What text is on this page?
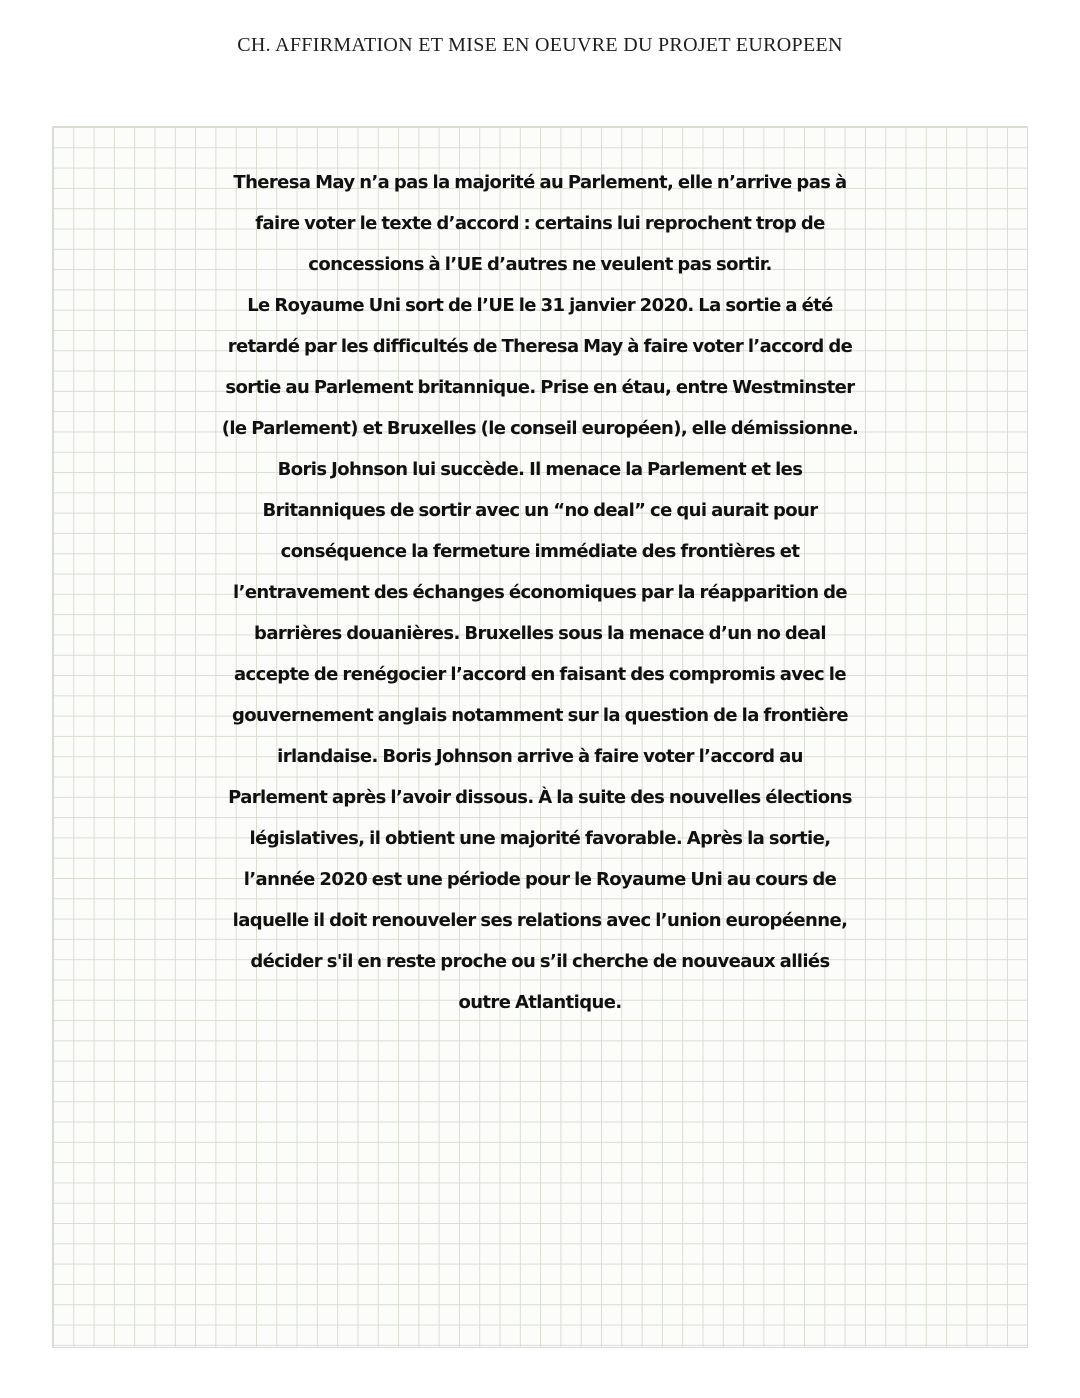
CH. AFFIRMATION ET MISE EN OEUVRE DU PROJET EUROPEEN

Theresa May n’a pas la majorité au Parlement, elle n’arrive pas à
faire voter le texte d’accord : certains lui reprochent trop de
concessions à l’UE d’autres ne veulent pas sortir.
Le Royaume Uni sort de l’UE le 31 janvier 2020. La sortie a été
retardé par les difficultés de Theresa May à faire voter l’accord de
sortie au Parlement britannique. Prise en étau, entre Westminster
(le Parlement) et Bruxelles (le conseil européen), elle démissionne.
Boris Johnson lui succède. Il menace la Parlement et les
Britanniques de sortir avec un “no deal” ce qui aurait pour
conséquence la fermeture immédiate des frontières et
l’entravement des échanges économiques par la réapparition de
barrières douanières. Bruxelles sous la menace d’un no deal
accepte de renégocier l’accord en faisant des compromis avec le
gouvernement anglais notamment sur la question de la frontière
irlandaise. Boris Johnson arrive à faire voter l’accord au
Parlement après l’avoir dissous. À la suite des nouvelles élections
législatives, il obtient une majorité favorable. Après la sortie,
l’année 2020 est une période pour le Royaume Uni au cours de
laquelle il doit renouveler ses relations avec l’union européenne,
décider s'il en reste proche ou s’il cherche de nouveaux alliés
outre Atlantique.
